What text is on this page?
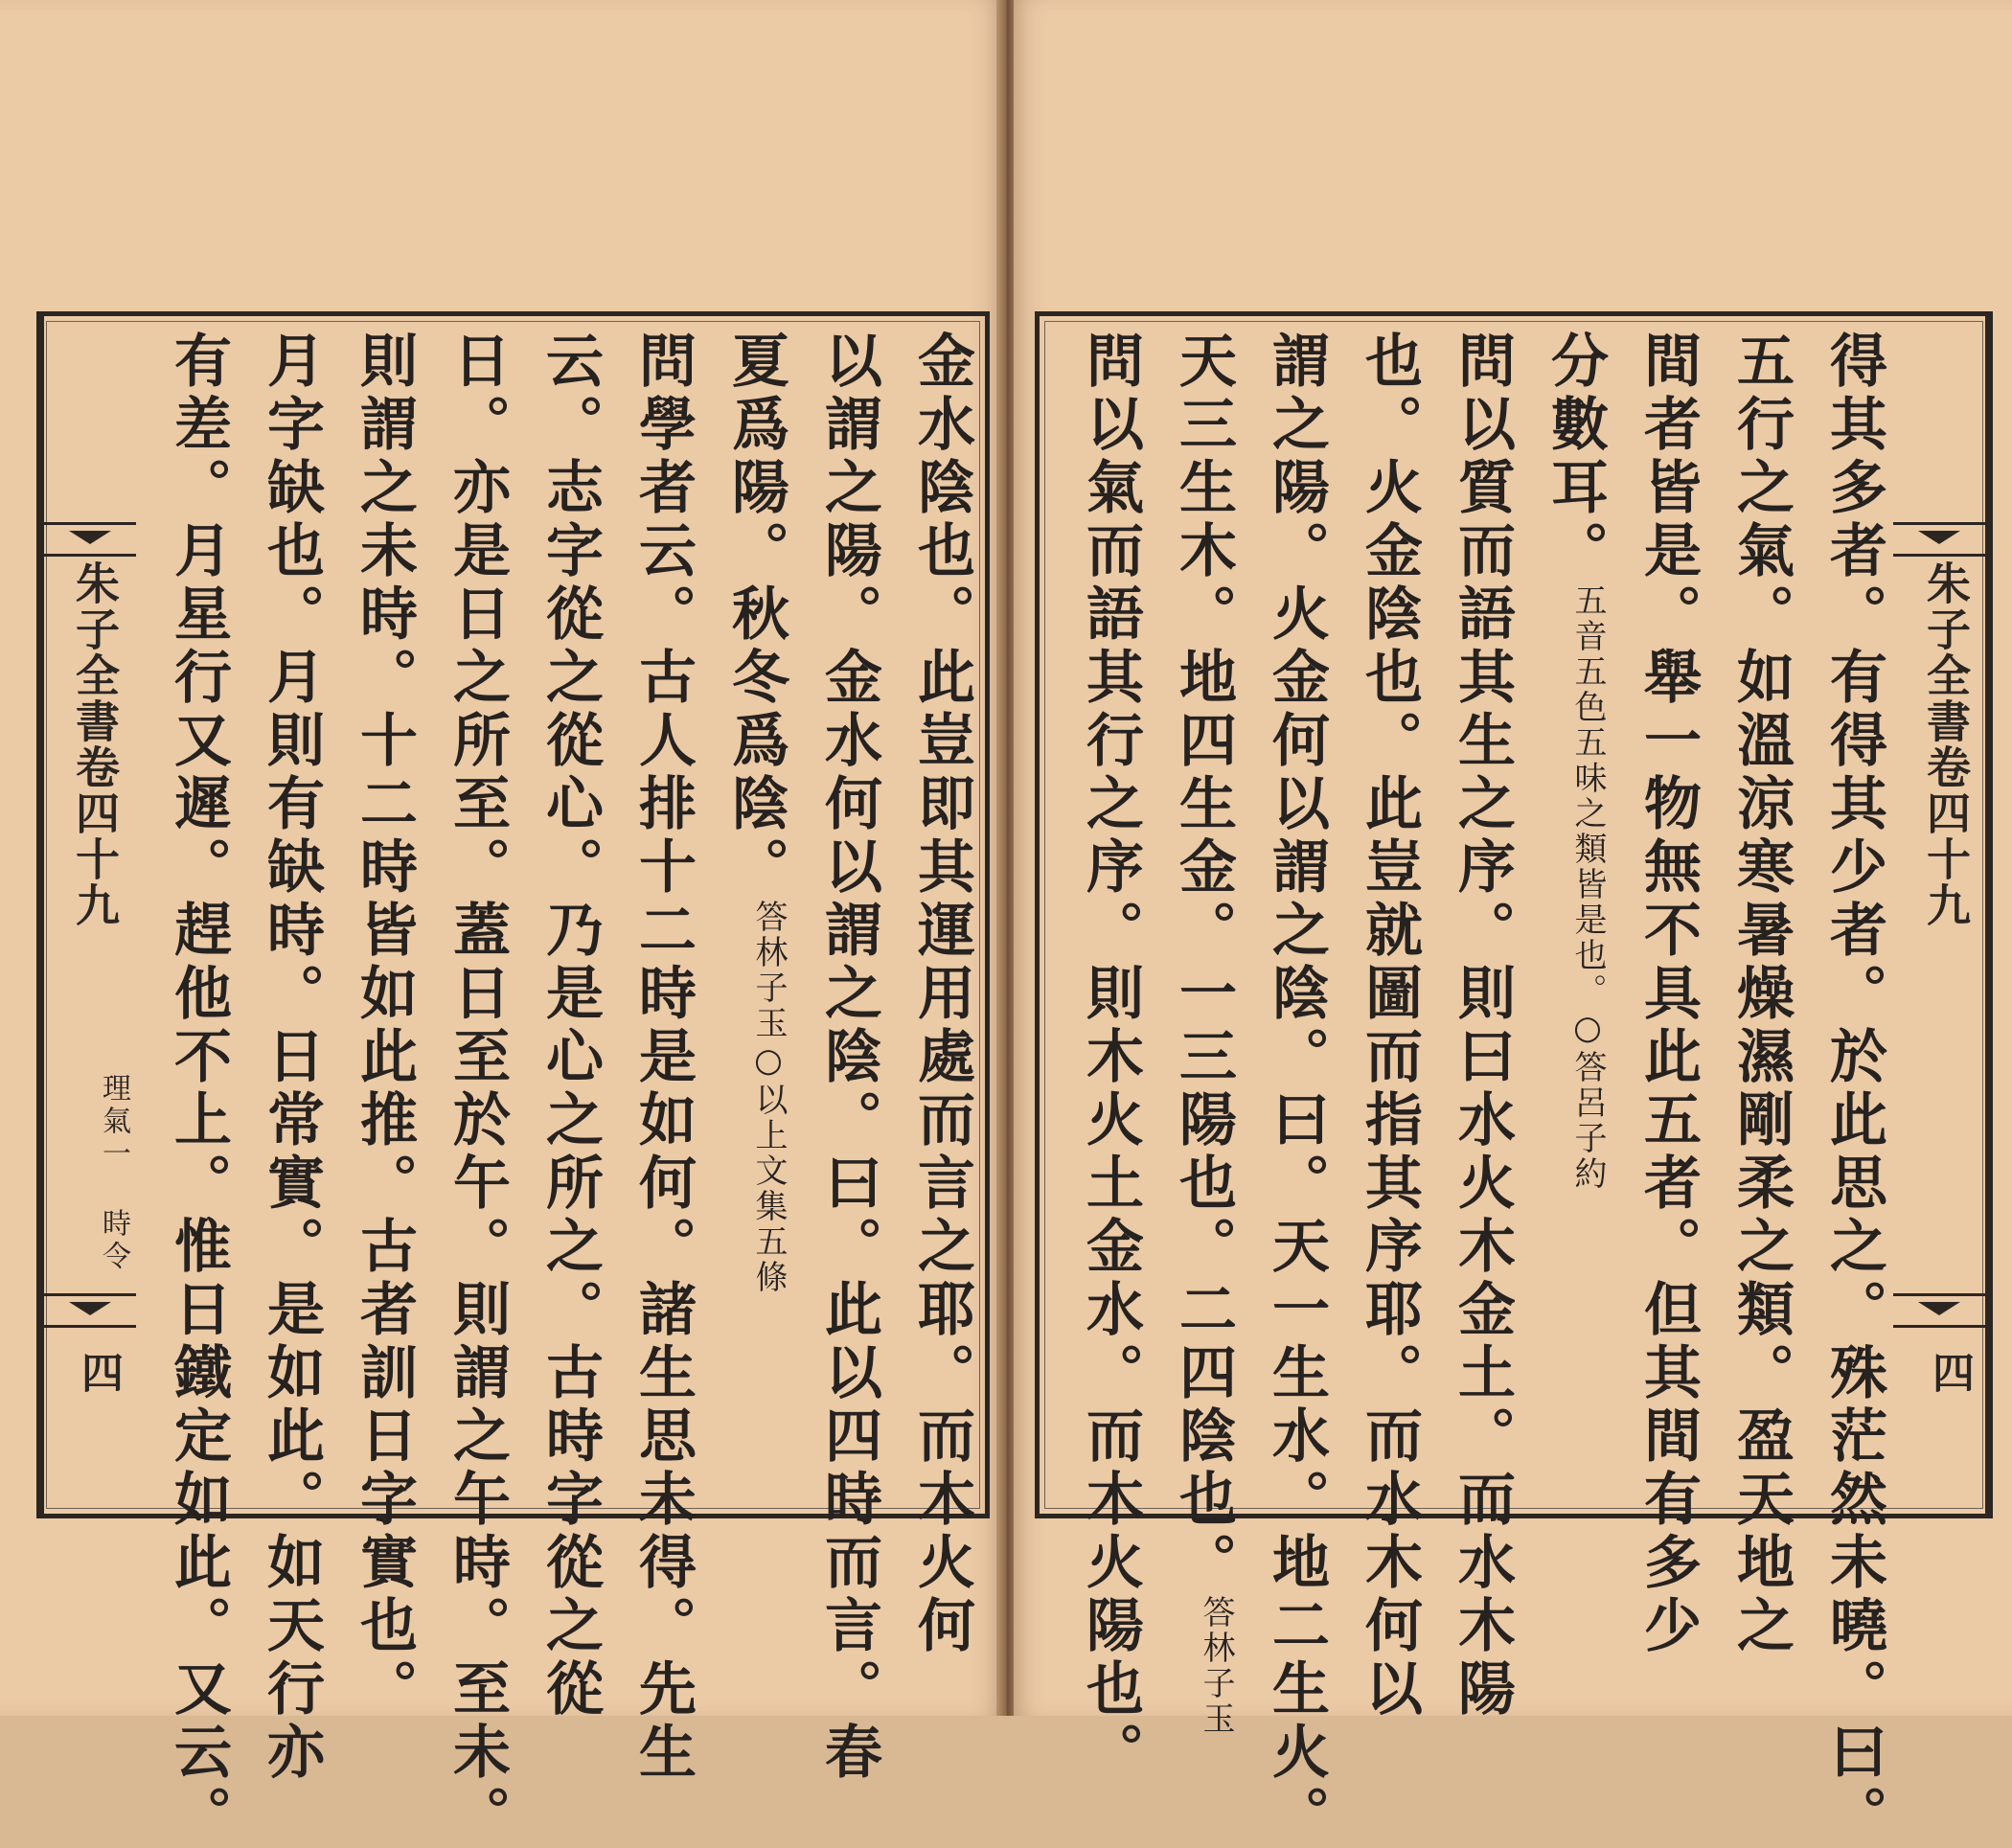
朱子全書卷四十九
理氣一 時令
四	金水陰也。此豈即其運用處而言之耶。而木火何
以謂之陽。金水何以謂之陰。曰。此以四時而言。春
夏爲陽。秋冬爲陰。答林子玉○以上文集五條
問學者云。古人排十二時是如何。諸生思未得。先生
云。志字從之從心。乃是心之所之。古時字從之從
日。亦是日之所至。蓋日至於午。則謂之午時。至未。
則謂之未時。十二時皆如此推。古者訓日字實也。
月字缺也。月則有缺時。日常實。是如此。如天行亦
有差。月星行又遲。趕他不上。惟日鐵定如此。又云。	朱子全書卷四十九
四
得其多者。有得其少者。於此思之。殊茫然未曉。曰。
五行之氣。如溫涼寒暑燥濕剛柔之類。盈天地之
間者皆是。舉一物無不具此五者。但其間有多少
分數耳。五音五色五味之類皆是也。○答呂子約
問以質而語其生之序。則曰水火木金土。而水木陽
也。火金陰也。此豈就圖而指其序耶。而水木何以
謂之陽。火金何以謂之陰。曰。天一生水。地二生火。
天三生木。地四生金。一三陽也。二四陰也。答林子玉
問以氣而語其行之序。則木火土金水。而木火陽也。
